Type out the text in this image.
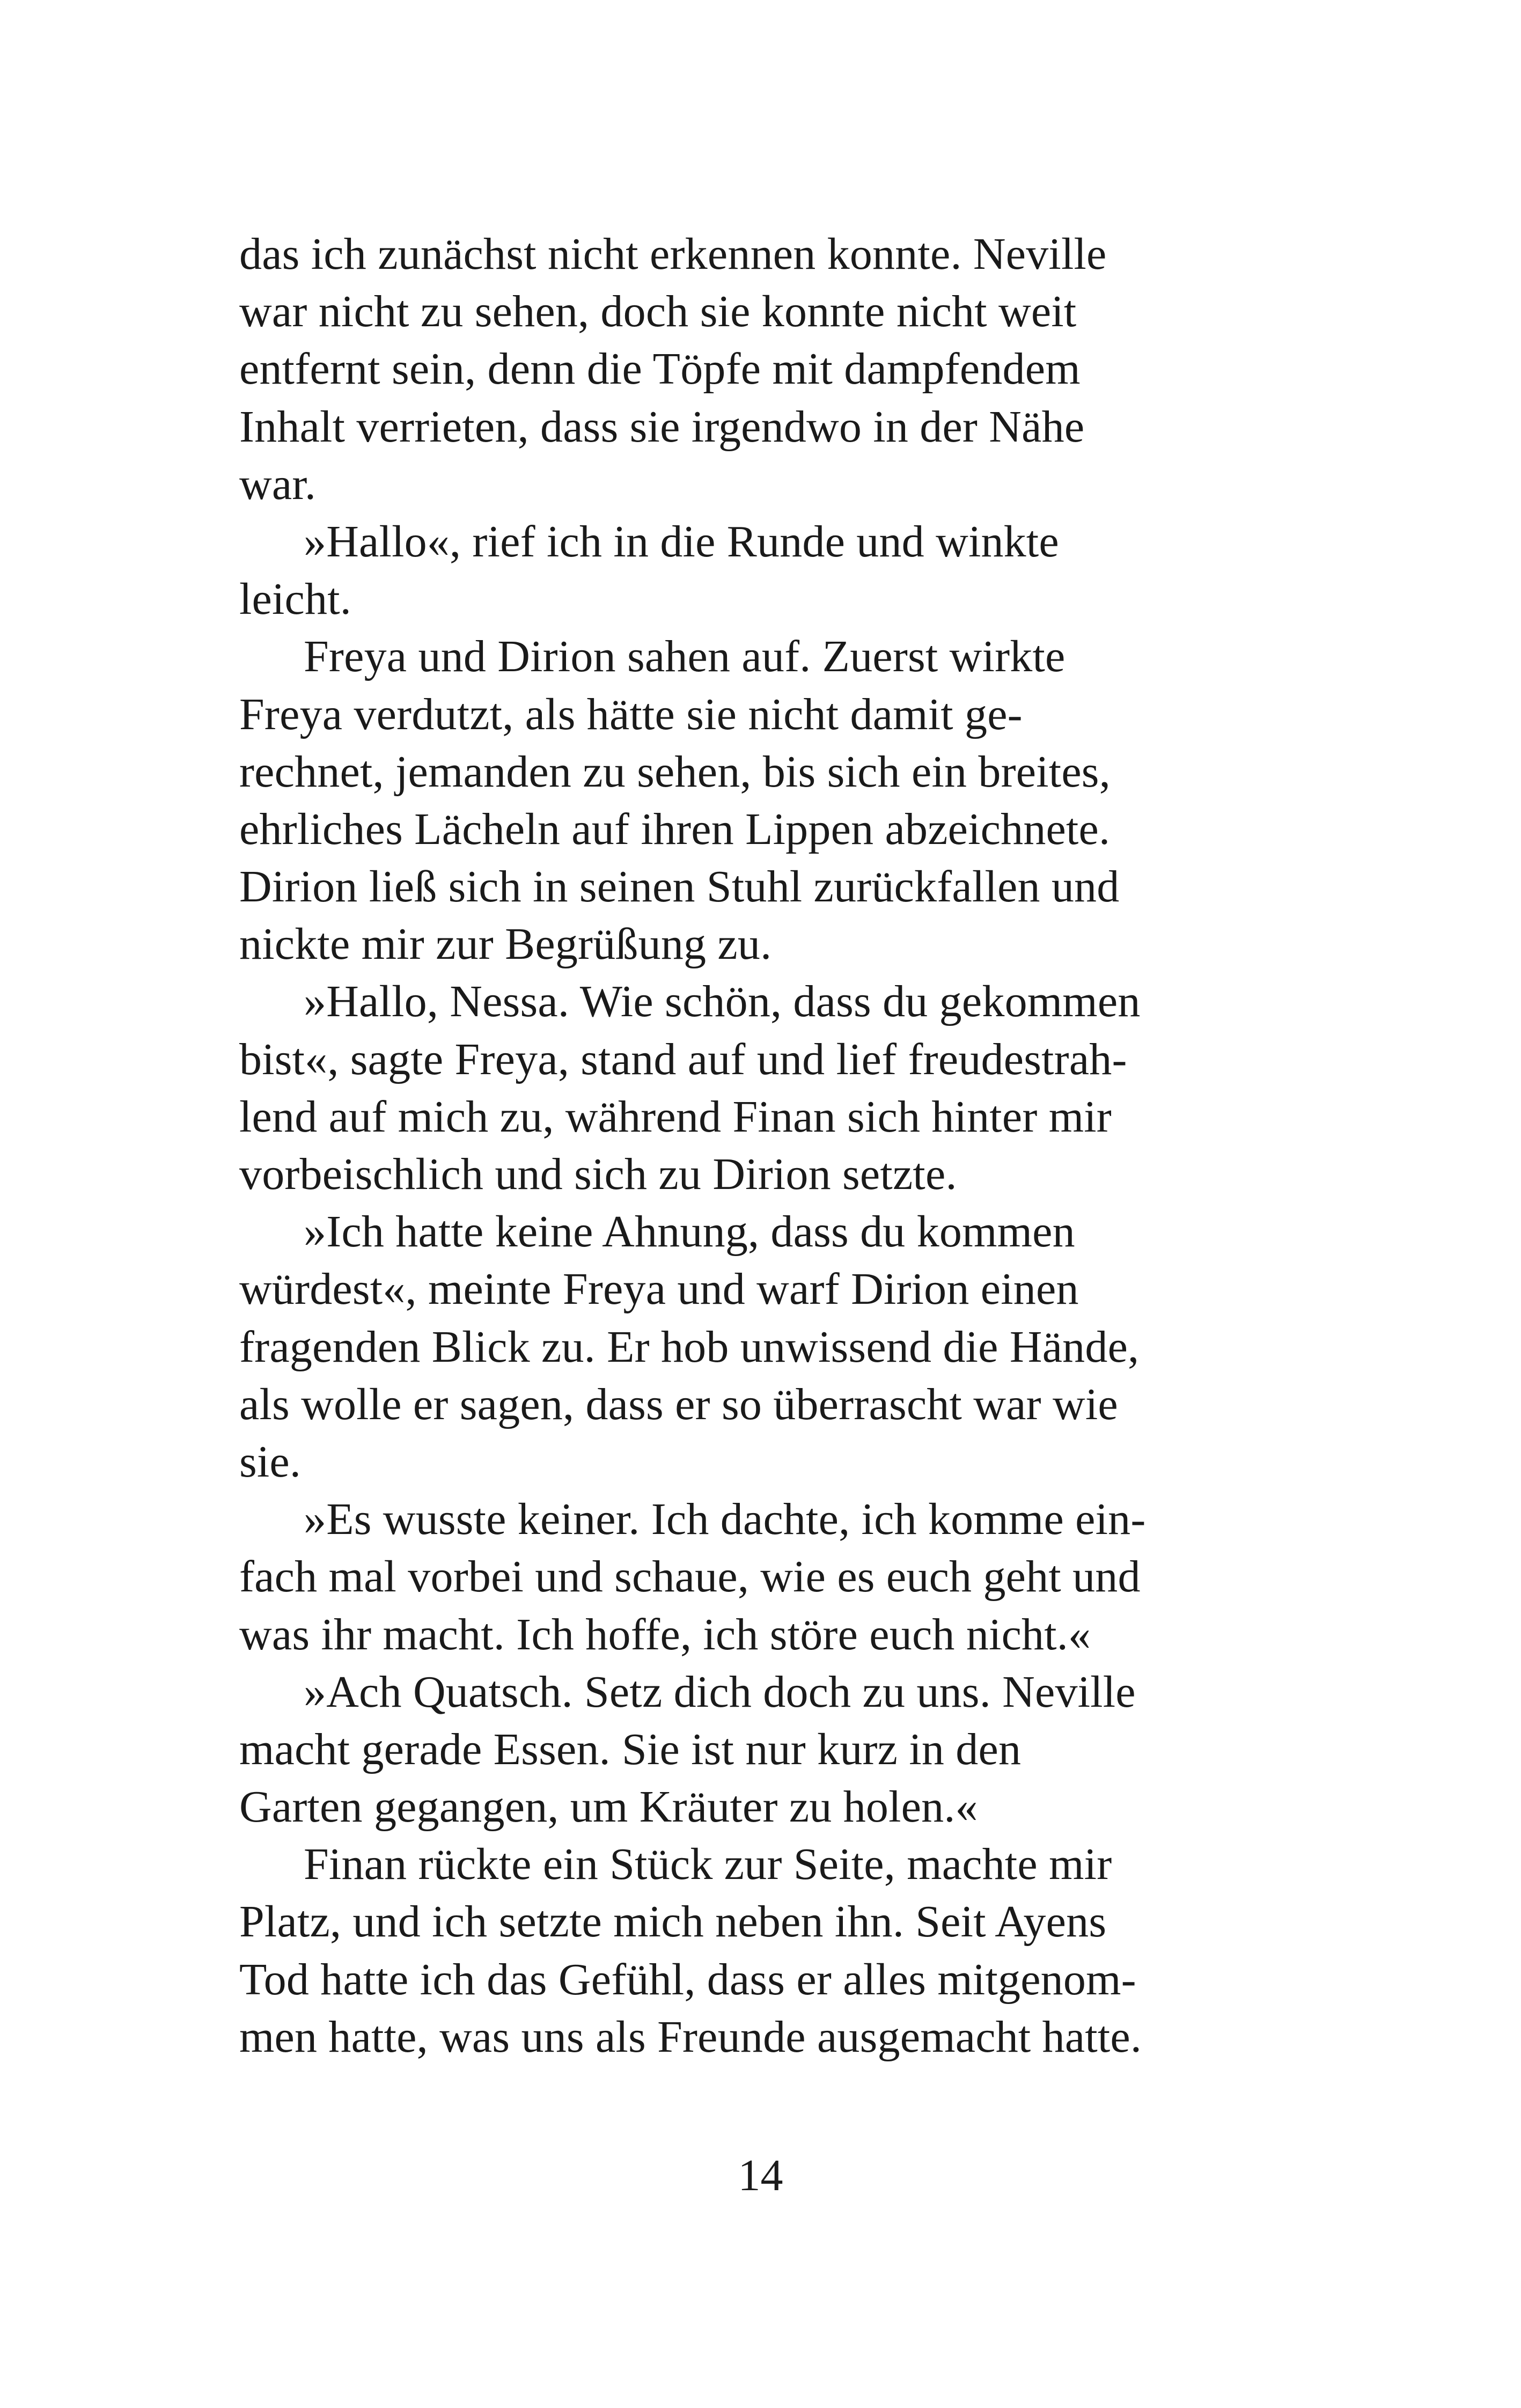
das ich zunächst nicht erkennen konnte. Neville
war nicht zu sehen, doch sie konnte nicht weit
entfernt sein, denn die Töpfe mit dampfendem
Inhalt verrieten, dass sie irgendwo in der Nähe
war.
»Hallo«, rief ich in die Runde und winkte
leicht.
Freya und Dirion sahen auf. Zuerst wirkte
Freya verdutzt, als hätte sie nicht damit ge-
rechnet, jemanden zu sehen, bis sich ein breites,
ehrliches Lächeln auf ihren Lippen abzeichnete.
Dirion ließ sich in seinen Stuhl zurückfallen und
nickte mir zur Begrüßung zu.
»Hallo, Nessa. Wie schön, dass du gekommen
bist«, sagte Freya, stand auf und lief freudestrah-
lend auf mich zu, während Finan sich hinter mir
vorbeischlich und sich zu Dirion setzte.
»Ich hatte keine Ahnung, dass du kommen
würdest«, meinte Freya und warf Dirion einen
fragenden Blick zu. Er hob unwissend die Hände,
als wolle er sagen, dass er so überrascht war wie
sie.
»Es wusste keiner. Ich dachte, ich komme ein-
fach mal vorbei und schaue, wie es euch geht und
was ihr macht. Ich hoffe, ich störe euch nicht.«
»Ach Quatsch. Setz dich doch zu uns. Neville
macht gerade Essen. Sie ist nur kurz in den
Garten gegangen, um Kräuter zu holen.«
Finan rückte ein Stück zur Seite, machte mir
Platz, und ich setzte mich neben ihn. Seit Ayens
Tod hatte ich das Gefühl, dass er alles mitgenom-
men hatte, was uns als Freunde ausgemacht hatte.
14
